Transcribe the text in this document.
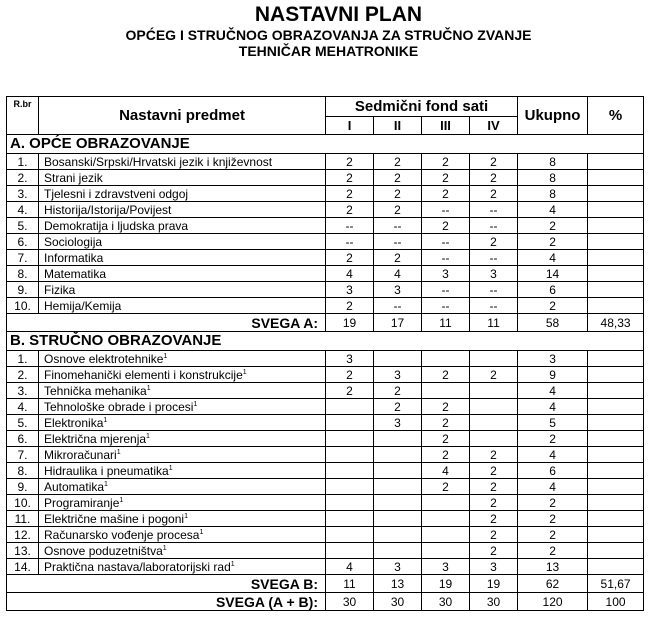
NASTAVNI PLAN
OPĆEG I STRUČNOG OBRAZOVANJA ZA STRUČNO ZVANJE
TEHNIČAR MEHATRONIKE
R.br	Nastavni predmet	Sedmični fond sati				Ukupno	%
		I	II	III	IV		
A. OPĆE OBRAZOVANJE							
1.	Bosanski/Srpski/Hrvatski jezik i književnost	2	2	2	2	8	
2.	Strani jezik	2	2	2	2	8	
3.	Tjelesni i zdravstveni odgoj	2	2	2	2	8	
4.	Historija/Istorija/Povijest	2	2	--	--	4	
5.	Demokratija i ljudska prava	--	--	2	--	2	
6.	Sociologija	--	--	--	2	2	
7.	Informatika	2	2	--	--	4	
8.	Matematika	4	4	3	3	14	
9.	Fizika	3	3	--	--	6	
10.	Hemija/Kemija	2	--	--	--	2	
SVEGA A:		19	17	11	11	58	48,33
B. STRUČNO OBRAZOVANJE							
1.	Osnove elektrotehnike$^1$	3				3	
2.	Finomehanički elementi i konstrukcije$^1$	2	3	2	2	9	
3.	Tehnička mehanika$^1$	2	2			4	
4.	Tehnološke obrade i procesi$^1$		2	2		4	
5.	Elektronika$^1$		3	2		5	
6.	Električna mjerenja$^1$			2		2	
7.	Mikroračunari$^1$			2	2	4	
8.	Hidraulika i pneumatika$^1$			4	2	6	
9.	Automatika$^1$			2	2	4	
10.	Programiranje$^1$				2	2	
11.	Električne mašine i pogoni$^1$				2	2	
12.	Računarsko vođenje procesa$^1$				2	2	
13.	Osnove poduzetništva$^1$				2	2	
14.	Praktična nastava/laboratorijski rad$^1$	4	3	3	3	13	
SVEGA B:		11	13	19	19	62	51,67
SVEGA (A + B):		30	30	30	30	120	100
